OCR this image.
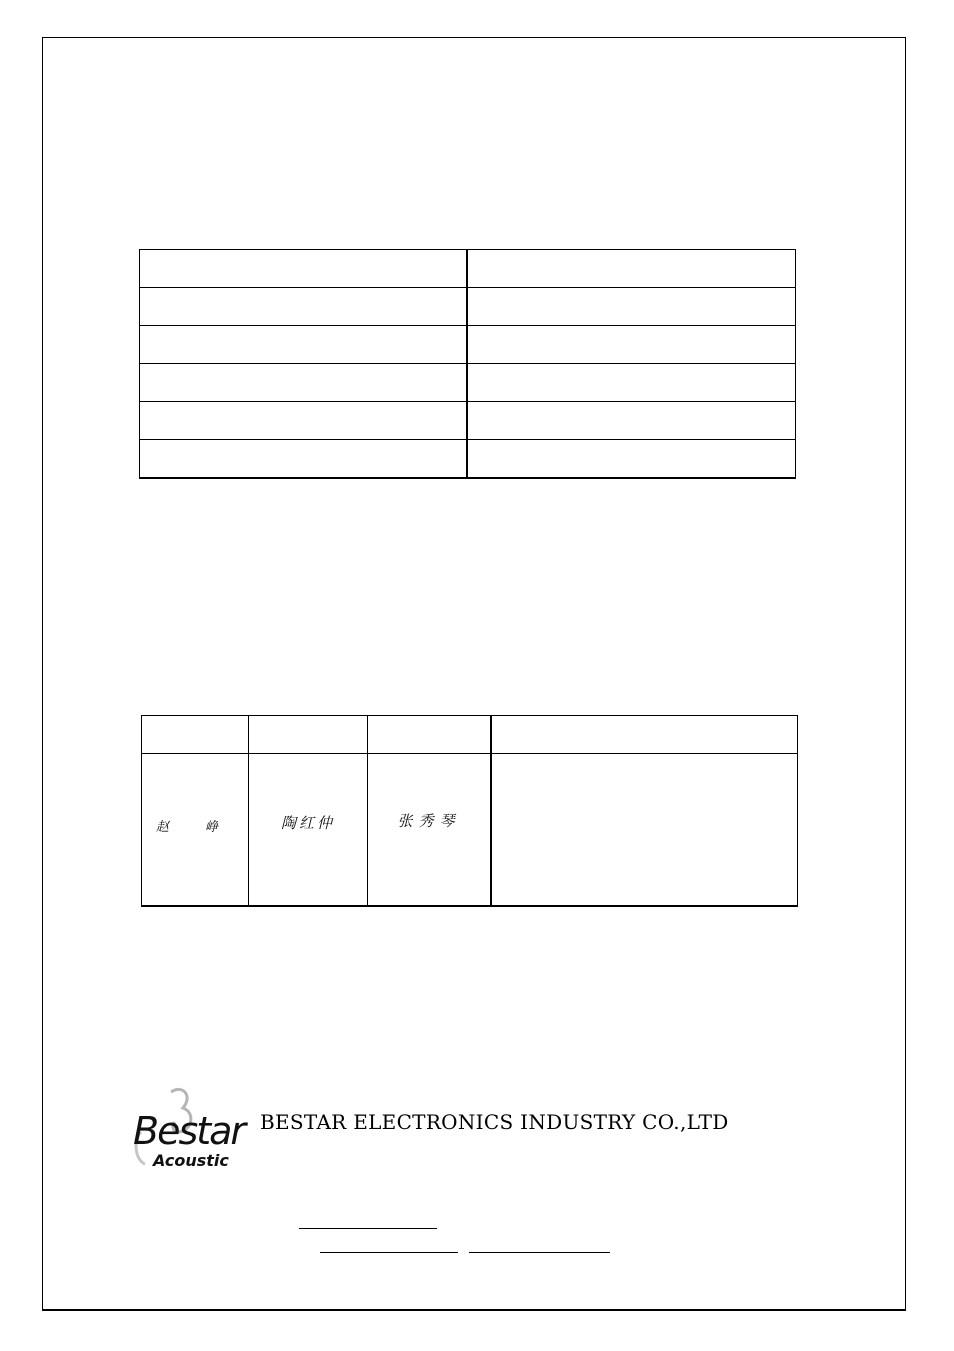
赵 峥	陶红仲	张秀琴	

Bestar
Acoustic
BESTAR ELECTRONICS INDUSTRY CO.,LTD
